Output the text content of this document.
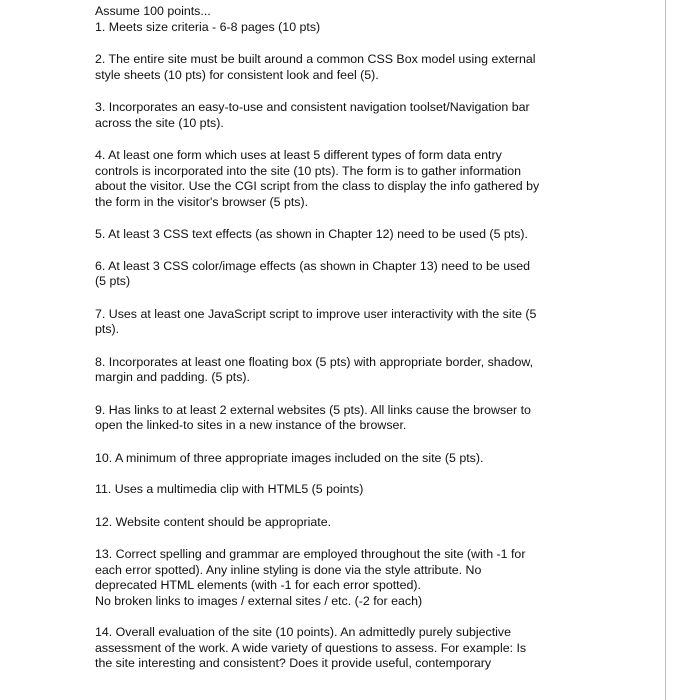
Assume 100 points...

1. Meets size criteria - 6-8 pages (10 pts)

2. The entire site must be built around a common CSS Box model using external
style sheets (10 pts) for consistent look and feel (5).

3. Incorporates an easy-to-use and consistent navigation toolset/Navigation bar
across the site (10 pts).

4. At least one form which uses at least 5 different types of form data entry
controls is incorporated into the site (10 pts). The form is to gather information
about the visitor. Use the CGI script from the class to display the info gathered by
the form in the visitor's browser (5 pts).

5. At least 3 CSS text effects (as shown in Chapter 12) need to be used (5 pts).

6. At least 3 CSS color/image effects (as shown in Chapter 13) need to be used
(5 pts)

7. Uses at least one JavaScript script to improve user interactivity with the site (5
pts).

8. Incorporates at least one floating box (5 pts) with appropriate border, shadow,
margin and padding. (5 pts).

9. Has links to at least 2 external websites (5 pts). All links cause the browser to
open the linked-to sites in a new instance of the browser.

10. A minimum of three appropriate images included on the site (5 pts).

11. Uses a multimedia clip with HTML5 (5 points)

12. Website content should be appropriate.

13. Correct spelling and grammar are employed throughout the site (with -1 for
each error spotted). Any inline styling is done via the style attribute. No
deprecated HTML elements (with -1 for each error spotted).
No broken links to images / external sites / etc. (-2 for each)

14. Overall evaluation of the site (10 points). An admittedly purely subjective
assessment of the work. A wide variety of questions to assess. For example: Is
the site interesting and consistent? Does it provide useful, contemporary
